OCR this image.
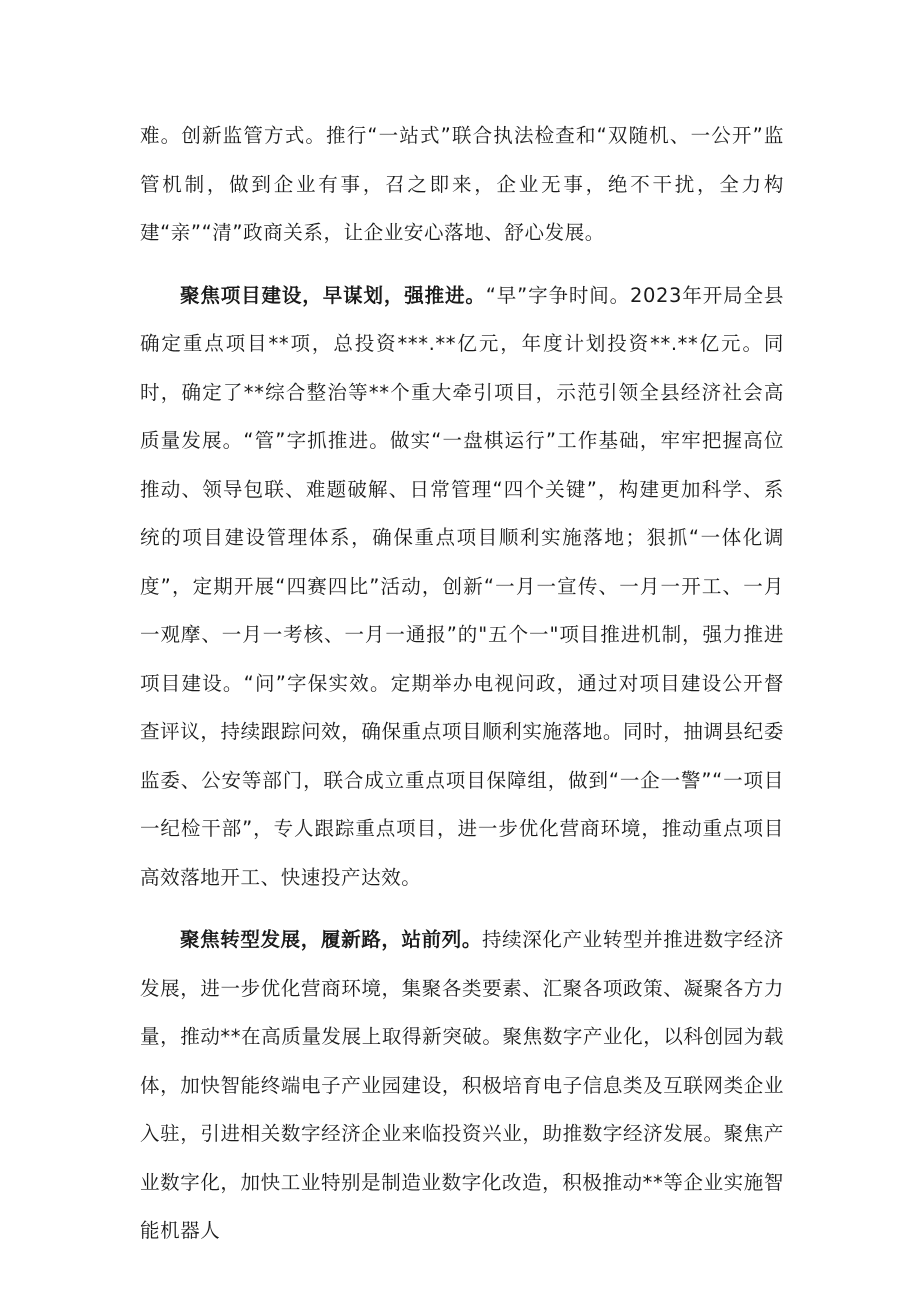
难。创新监管方式。推行“一站式”联合执法检查和“双随机、一公开”监管机制，做到企业有事，召之即来，企业无事，绝不干扰，全力构建“亲”“清”政商关系，让企业安心落地、舒心发展。

聚焦项目建设，早谋划，强推进。“早”字争时间。2023年开局全县确定重点项目**项，总投资***.**亿元，年度计划投资**.**亿元。同时，确定了**综合整治等**个重大牵引项目，示范引领全县经济社会高质量发展。“管”字抓推进。做实“一盘棋运行”工作基础，牢牢把握高位推动、领导包联、难题破解、日常管理“四个关键”，构建更加科学、系统的项目建设管理体系，确保重点项目顺利实施落地；狠抓“一体化调度”，定期开展“四赛四比”活动，创新“一月一宣传、一月一开工、一月一观摩、一月一考核、一月一通报”的"五个一"项目推进机制，强力推进项目建设。“问”字保实效。定期举办电视问政，通过对项目建设公开督查评议，持续跟踪问效，确保重点项目顺利实施落地。同时，抽调县纪委监委、公安等部门，联合成立重点项目保障组，做到“一企一警”“一项目一纪检干部”，专人跟踪重点项目，进一步优化营商环境，推动重点项目高效落地开工、快速投产达效。

聚焦转型发展，履新路，站前列。持续深化产业转型并推进数字经济发展，进一步优化营商环境，集聚各类要素、汇聚各项政策、凝聚各方力量，推动**在高质量发展上取得新突破。聚焦数字产业化，以科创园为载体，加快智能终端电子产业园建设，积极培育电子信息类及互联网类企业入驻，引进相关数字经济企业来临投资兴业，助推数字经济发展。聚焦产业数字化，加快工业特别是制造业数字化改造，积极推动**等企业实施智能机器人
